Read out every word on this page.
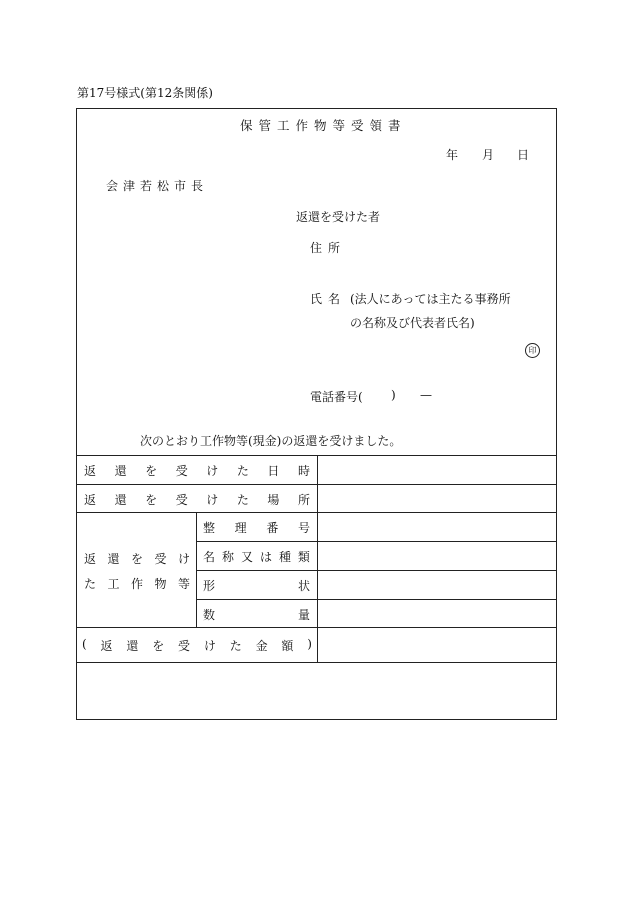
第17号様式(第12条関係)
保管工作物等受領書
年 月 日
会津若松市長
返還を受けた者
住所
氏名 (法人にあっては主たる事務所
の名称及び代表者氏名)
印
電話番号( ) —
次のとおり工作物等(現金)の返還を受けました。
返 還 を 受 け た 日 時
返 還 を 受 け た 場 所
返 還 を 受 け
た 工 作 物 等
整 理 番 号
名 称 又 は 種 類
形	状
数	量
( 返 還 を 受 け た 金 額 )
